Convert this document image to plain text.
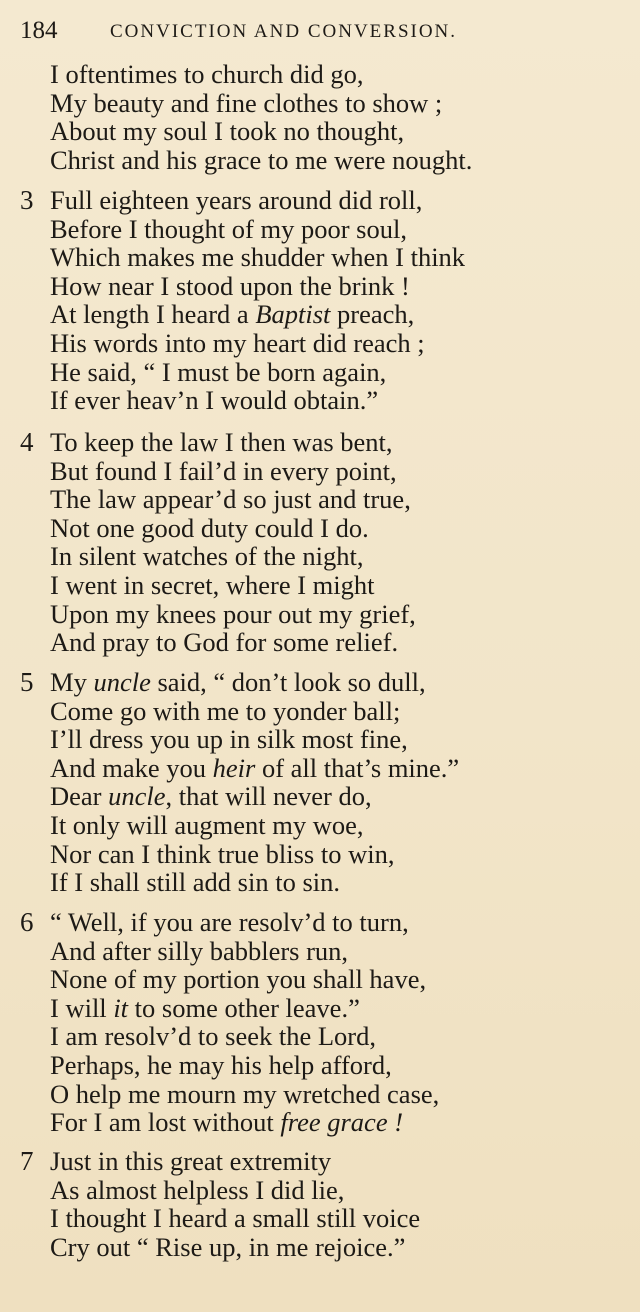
184	CONVICTION AND CONVERSION.
I oftentimes to church did go,
My beauty and fine clothes to show ;
About my soul I took no thought,
Christ and his grace to me were nought.
3 Full eighteen years around did roll,
Before I thought of my poor soul,
Which makes me shudder when I think
How near I stood upon the brink !
At length I heard a Baptist preach,
His words into my heart did reach ;
He said, “ I must be born again,
If ever heav’n I would obtain.”
4 To keep the law I then was bent,
But found I fail’d in every point,
The law appear’d so just and true,
Not one good duty could I do.
In silent watches of the night,
I went in secret, where I might
Upon my knees pour out my grief,
And pray to God for some relief.
5 My uncle said, “ don’t look so dull,
Come go with me to yonder ball;
I’ll dress you up in silk most fine,
And make you heir of all that’s mine.”
Dear uncle, that will never do,
It only will augment my woe,
Nor can I think true bliss to win,
If I shall still add sin to sin.
6 “ Well, if you are resolv’d to turn,
And after silly babblers run,
None of my portion you shall have,
I will it to some other leave.”
I am resolv’d to seek the Lord,
Perhaps, he may his help afford,
O help me mourn my wretched case,
For I am lost without free grace !
7 Just in this great extremity
As almost helpless I did lie,
I thought I heard a small still voice
Cry out “ Rise up, in me rejoice.”
